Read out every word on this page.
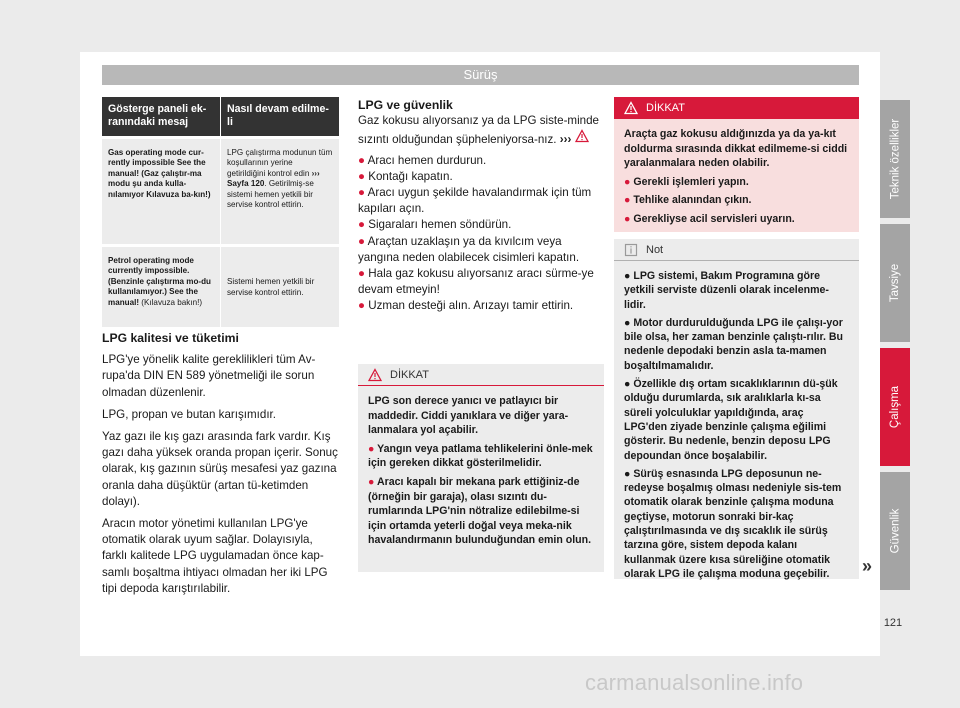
Sürüş
Gösterge paneli ek-ranındaki mesaj
Nasıl devam edilme-li
Gas operating mode cur-rently impossible See the manual! (Gaz çalıştır-ma modu şu anda kulla-nılamıyor Kılavuza ba-kın!)
LPG çalıştırma modunun tüm koşullarının yerine getirildiğini kontrol edin ››› Sayfa 120. Getirilmiş-se sistemi hemen yetkili bir servise kontrol ettirin.
Petrol operating mode currently impossible. (Benzinle çalıştırma mo-du kullanılamıyor.) See the manual! (Kılavuza bakın!)
Sistemi hemen yetkili bir servise kontrol ettirin.
LPG kalitesi ve tüketimi

LPG'ye yönelik kalite gereklilikleri tüm Av-rupa'da DIN EN 589 yönetmeliği ile sorun olmadan düzenlenir.

LPG, propan ve butan karışımıdır.

Yaz gazı ile kış gazı arasında fark vardır. Kış gazı daha yüksek oranda propan içerir. Sonuç olarak, kış gazının sürüş mesafesi yaz gazına oranla daha düşüktür (artan tü-ketimden dolayı).

Aracın motor yönetimi kullanılan LPG'ye otomatik olarak uyum sağlar. Dolayısıyla, farklı kalitede LPG uygulamadan önce kap-samlı boşaltma ihtiyacı olmadan her iki LPG tipi depoda karıştırılabilir.

LPG ve güvenlik

Gaz kokusu alıyorsanız ya da LPG siste-minde sızıntı olduğundan şüpheleniyorsa-nız. ›››

● Aracı hemen durdurun.

● Kontağı kapatın.

● Aracı uygun şekilde havalandırmak için tüm kapıları açın.

● Sigaraları hemen söndürün.

● Araçtan uzaklaşın ya da kıvılcım veya yangına neden olabilecek cisimleri kapatın.

● Hala gaz kokusu alıyorsanız aracı sürme-ye devam etmeyin!

● Uzman desteği alın. Arızayı tamir ettirin.

DİKKAT

LPG son derece yanıcı ve patlayıcı bir maddedir. Ciddi yanıklara ve diğer yara-lanmalara yol açabilir.

● Yangın veya patlama tehlikelerini önle-mek için gereken dikkat gösterilmelidir.

● Aracı kapalı bir mekana park ettiğiniz-de (örneğin bir garaja), olası sızıntı du-rumlarında LPG'nin nötralize edilebilme-si için ortamda yeterli doğal veya meka-nik havalandırmanın bulunduğundan emin olun.

DİKKAT

Araçta gaz kokusu aldığınızda ya da ya-kıt doldurma sırasında dikkat edilmeme-si ciddi yaralanmalara neden olabilir.

● Gerekli işlemleri yapın.

● Tehlike alanından çıkın.

● Gerekliyse acil servisleri uyarın.

Not

● LPG sistemi, Bakım Programına göre yetkili serviste düzenli olarak incelenme-lidir.

● Motor durdurulduğunda LPG ile çalışı-yor bile olsa, her zaman benzinle çalıştı-rılır. Bu nedenle depodaki benzin asla ta-mamen boşaltılmamalıdır.

● Özellikle dış ortam sıcaklıklarının dü-şük olduğu durumlarda, sık aralıklarla kı-sa süreli yolculuklar yapıldığında, araç LPG'den ziyade benzinle çalışma eğilimi gösterir. Bu nedenle, benzin deposu LPG depoundan önce boşalabilir.

● Sürüş esnasında LPG deposunun ne-redeyse boşalmış olması nedeniyle sis-tem otomatik olarak benzinle çalışma moduna geçtiyse, motorun sonraki bir-kaç çalıştırılmasında ve dış sıcaklık ile sürüş tarzına göre, sistem depoda kalanı kullanmak üzere kısa süreliğine otomatik olarak LPG ile çalışma moduna geçebilir.	»
Teknik özellikler
Tavsiye
Çalışma
Güvenlik
121
carmanualsonline.info
